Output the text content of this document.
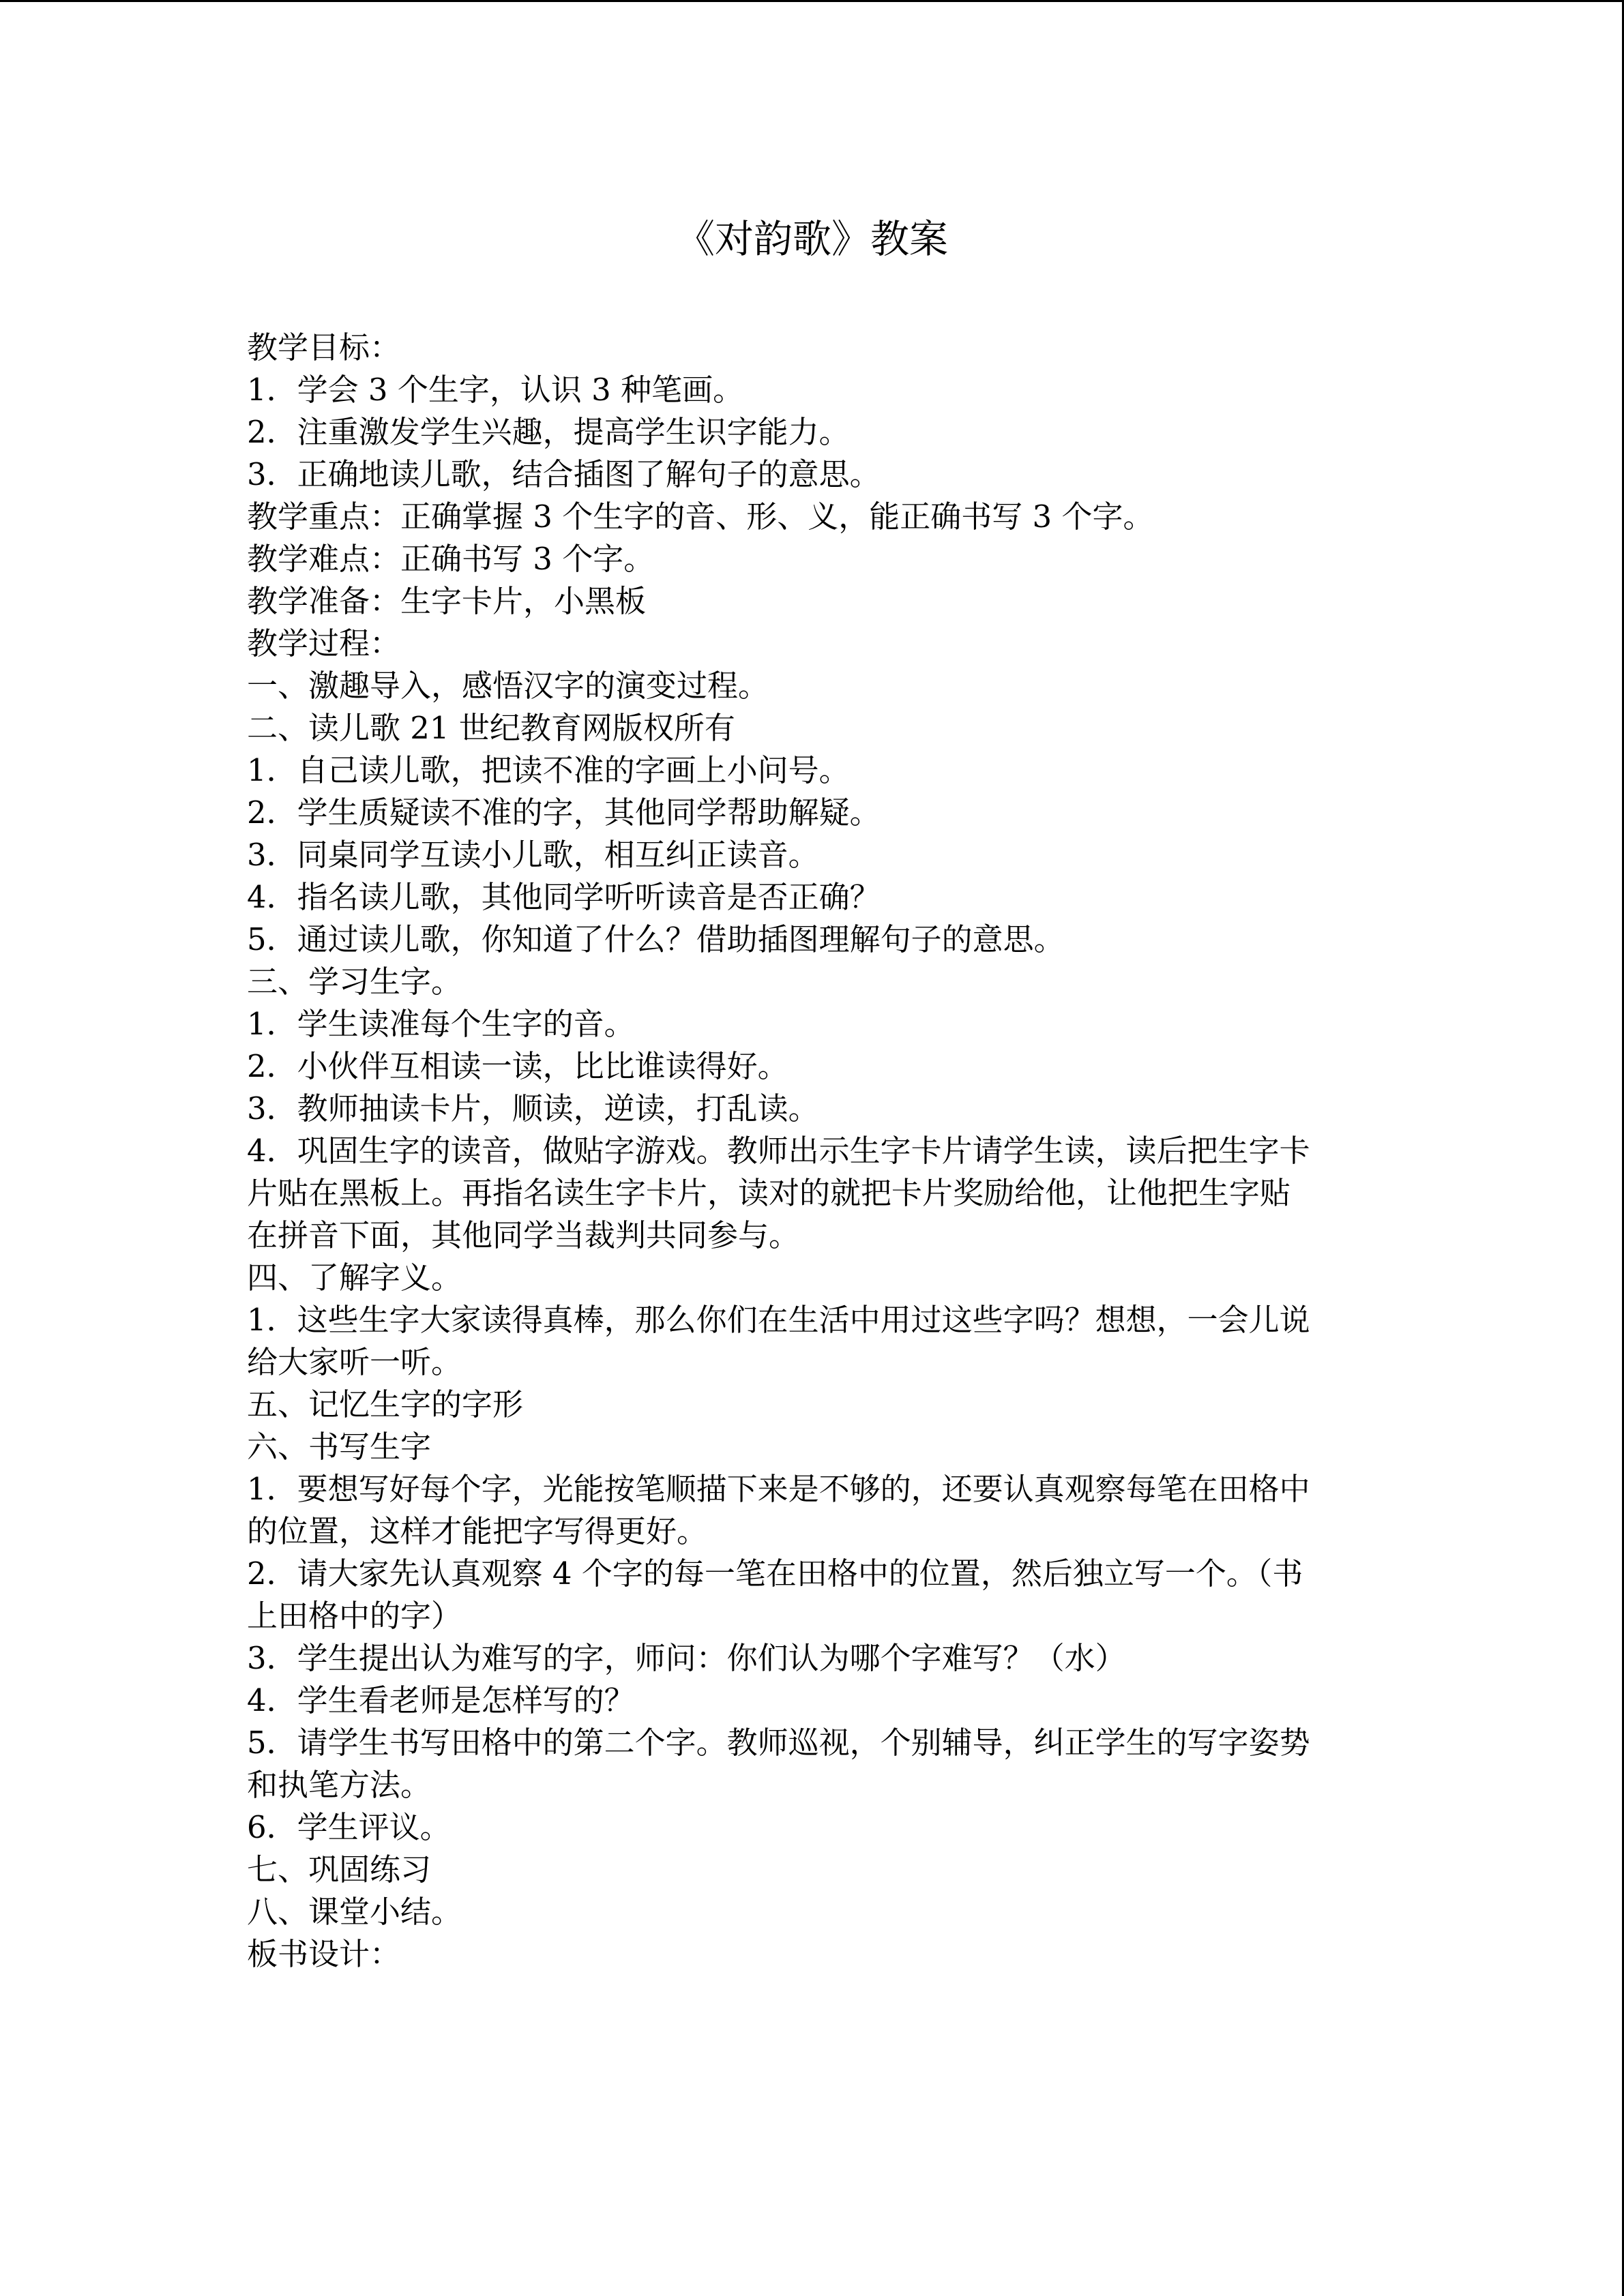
《对韵歌》教案

教学目标：

1．学会 3 个生字，认识 3 种笔画。

2．注重激发学生兴趣，提高学生识字能力。

3．正确地读儿歌，结合插图了解句子的意思。

教学重点：正确掌握 3 个生字的音、形、义，能正确书写 3 个字。

教学难点：正确书写 3 个字。

教学准备：生字卡片，小黑板

教学过程：

一、激趣导入，感悟汉字的演变过程。

二、读儿歌 21 世纪教育网版权所有

1．自己读儿歌，把读不准的字画上小问号。

2．学生质疑读不准的字，其他同学帮助解疑。

3．同桌同学互读小儿歌，相互纠正读音。

4．指名读儿歌，其他同学听听读音是否正确？

5．通过读儿歌，你知道了什么？借助插图理解句子的意思。

三、学习生字。

1．学生读准每个生字的音。

2．小伙伴互相读一读，比比谁读得好。

3．教师抽读卡片，顺读，逆读，打乱读。

4．巩固生字的读音，做贴字游戏。教师出示生字卡片请学生读，读后把生字卡

片贴在黑板上。再指名读生字卡片，读对的就把卡片奖励给他，让他把生字贴

在拼音下面，其他同学当裁判共同参与。

四、了解字义。

1．这些生字大家读得真棒，那么你们在生活中用过这些字吗？想想，一会儿说

给大家听一听。

五、记忆生字的字形

六、书写生字

1．要想写好每个字，光能按笔顺描下来是不够的，还要认真观察每笔在田格中

的位置，这样才能把字写得更好。

2．请大家先认真观察 4 个字的每一笔在田格中的位置，然后独立写一个。（书

上田格中的字）

3．学生提出认为难写的字，师问：你们认为哪个字难写？（水）

4．学生看老师是怎样写的？

5．请学生书写田格中的第二个字。教师巡视，个别辅导，纠正学生的写字姿势

和执笔方法。

6．学生评议。

七、巩固练习

八、课堂小结。

板书设计：
